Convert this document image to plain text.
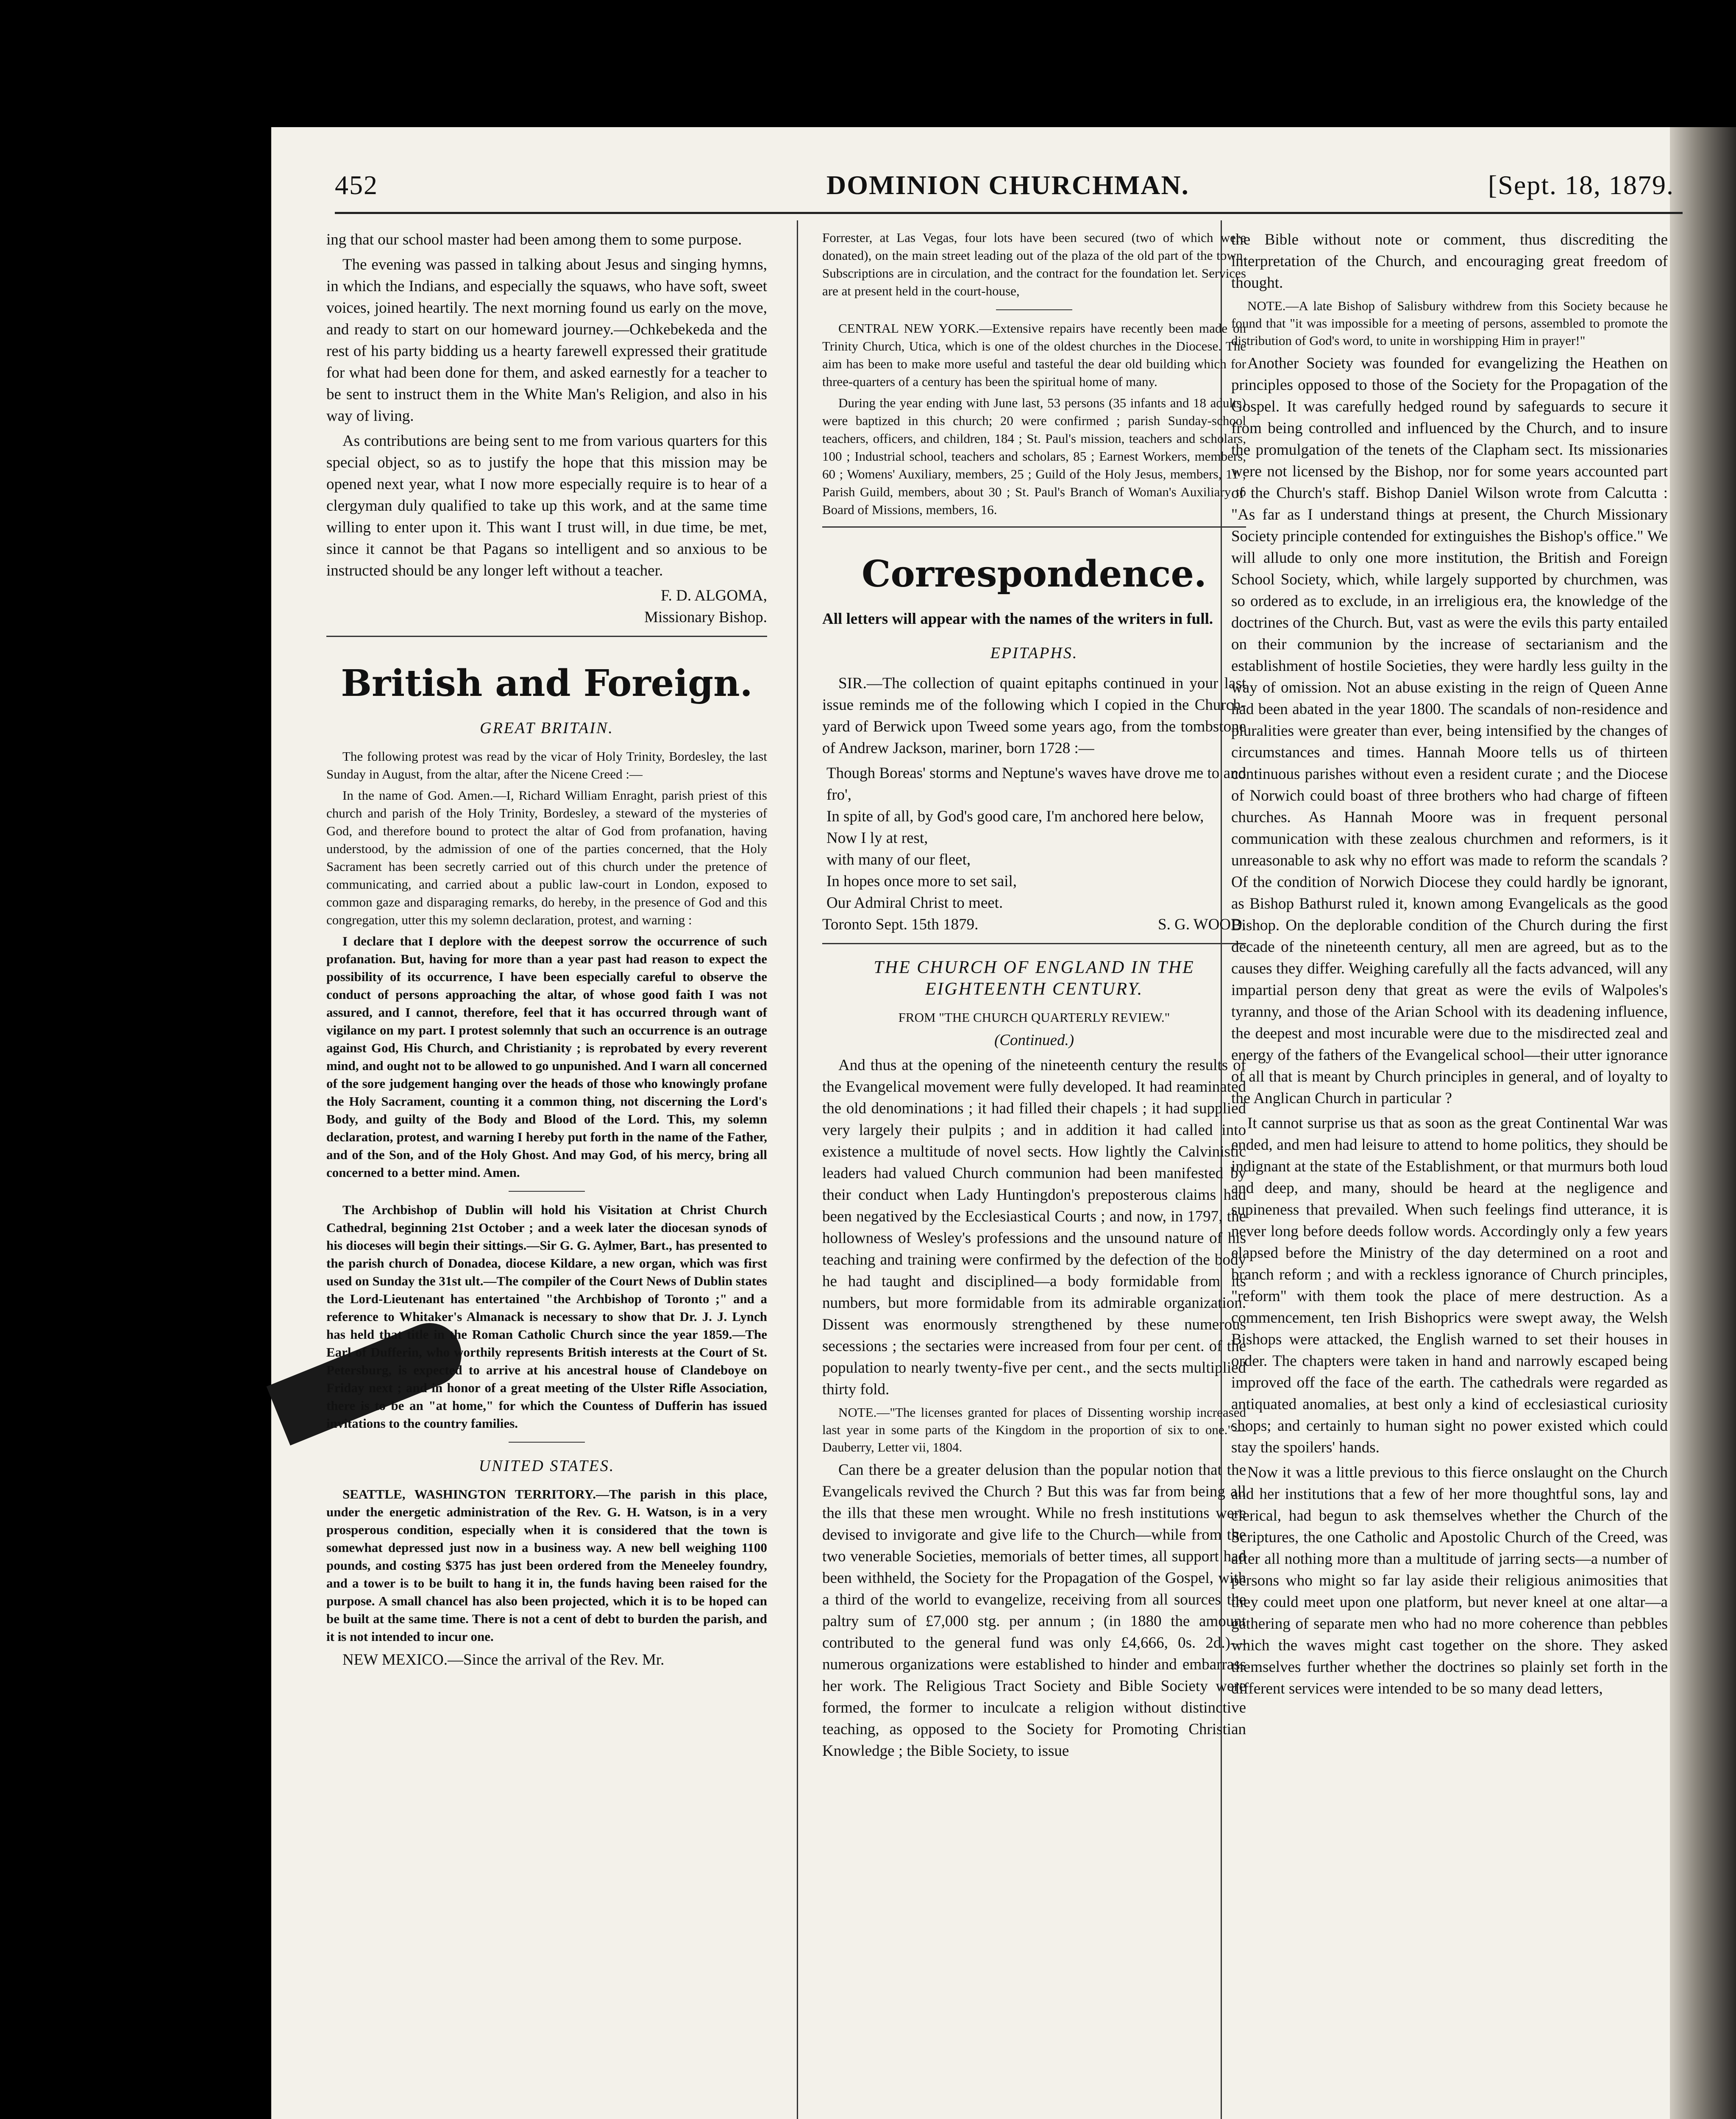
452	DOMINION CHURCHMAN.	[Sept. 18, 1879.

ing that our school master had been among them to some purpose.

The evening was passed in talking about Jesus and singing hymns, in which the Indians, and especially the squaws, who have soft, sweet voices, joined heartily. The next morning found us early on the move, and ready to start on our homeward journey.—Ochkebekeda and the rest of his party bidding us a hearty farewell expressed their gratitude for what had been done for them, and asked earnestly for a teacher to be sent to instruct them in the White Man's Religion, and also in his way of living.

As contributions are being sent to me from various quarters for this special object, so as to justify the hope that this mission may be opened next year, what I now more especially require is to hear of a clergyman duly qualified to take up this work, and at the same time willing to enter upon it. This want I trust will, in due time, be met, since it cannot be that Pagans so intelligent and so anxious to be instructed should be any longer left without a teacher.

F. D. ALGOMA,

Missionary Bishop.

British and Foreign.
GREAT BRITAIN.

The following protest was read by the vicar of Holy Trinity, Bordesley, the last Sunday in August, from the altar, after the Nicene Creed :—

In the name of God. Amen.—I, Richard William Enraght, parish priest of this church and parish of the Holy Trinity, Bordesley, a steward of the mysteries of God, and therefore bound to protect the altar of God from profanation, having understood, by the admission of one of the parties concerned, that the Holy Sacrament has been secretly carried out of this church under the pretence of communicating, and carried about a public law-court in London, exposed to common gaze and disparaging remarks, do hereby, in the presence of God and this congregation, utter this my solemn declaration, protest, and warning :

I declare that I deplore with the deepest sorrow the occurrence of such profanation. But, having for more than a year past had reason to expect the possibility of its occurrence, I have been especially careful to observe the conduct of persons approaching the altar, of whose good faith I was not assured, and I cannot, therefore, feel that it has occurred through want of vigilance on my part. I protest solemnly that such an occurrence is an outrage against God, His Church, and Christianity ; is reprobated by every reverent mind, and ought not to be allowed to go unpunished. And I warn all concerned of the sore judgement hanging over the heads of those who knowingly profane the Holy Sacrament, counting it a common thing, not discerning the Lord's Body, and guilty of the Body and Blood of the Lord. This, my solemn declaration, protest, and warning I hereby put forth in the name of the Father, and of the Son, and of the Holy Ghost. And may God, of his mercy, bring all concerned to a better mind. Amen.

The Archbishop of Dublin will hold his Visitation at Christ Church Cathedral, beginning 21st October ; and a week later the diocesan synods of his dioceses will begin their sittings.—Sir G. G. Aylmer, Bart., has presented to the parish church of Donadea, diocese Kildare, a new organ, which was first used on Sunday the 31st ult.—The compiler of the Court News of Dublin states the Lord-Lieutenant has entertained "the Archbishop of Toronto ;" and a reference to Whitaker's Almanack is necessary to show that Dr. J. J. Lynch has held that title in the Roman Catholic Church since the year 1859.—The Earl of Dufferin, who worthily represents British interests at the Court of St. Petersburg, is expected to arrive at his ancestral house of Clandeboye on Friday next ; and in honor of a great meeting of the Ulster Rifle Association, there is to be an "at home," for which the Countess of Dufferin has issued invitations to the country families.

UNITED STATES.

SEATTLE, WASHINGTON TERRITORY.—The parish in this place, under the energetic administration of the Rev. G. H. Watson, is in a very prosperous condition, especially when it is considered that the town is somewhat depressed just now in a business way. A new bell weighing 1100 pounds, and costing $375 has just been ordered from the Meneeley foundry, and a tower is to be built to hang it in, the funds having been raised for the purpose. A small chancel has also been projected, which it is to be hoped can be built at the same time. There is not a cent of debt to burden the parish, and it is not intended to incur one.

NEW MEXICO.—Since the arrival of the Rev. Mr.

Forrester, at Las Vegas, four lots have been secured (two of which were donated), on the main street leading out of the plaza of the old part of the town. Subscriptions are in circulation, and the contract for the foundation let. Services are at present held in the court-house,

CENTRAL NEW YORK.—Extensive repairs have recently been made on Trinity Church, Utica, which is one of the oldest churches in the Diocese. The aim has been to make more useful and tasteful the dear old building which for three-quarters of a century has been the spiritual home of many.

During the year ending with June last, 53 persons (35 infants and 18 adults) were baptized in this church; 20 were confirmed ; parish Sunday-school teachers, officers, and children, 184 ; St. Paul's mission, teachers and scholars, 100 ; Industrial school, teachers and scholars, 85 ; Earnest Workers, members, 60 ; Womens' Auxiliary, members, 25 ; Guild of the Holy Jesus, members, 11 ; Parish Guild, members, about 30 ; St. Paul's Branch of Woman's Auxiliary to Board of Missions, members, 16.

Correspondence.

All letters will appear with the names of the writers in full.

EPITAPHS.

SIR.—The collection of quaint epitaphs continued in your last issue reminds me of the following which I copied in the Church-yard of Berwick upon Tweed some years ago, from the tombstone of Andrew Jackson, mariner, born 1728 :—

Though Boreas' storms and Neptune's waves have drove me to and fro',

In spite of all, by God's good care, I'm anchored here below,

Now I ly at rest,

with many of our fleet,

In hopes once more to set sail,

Our Admiral Christ to meet.

Toronto Sept. 15th 1879.	S. G. WOOD.

THE CHURCH OF ENGLAND IN THE EIGHTEENTH CENTURY.

FROM "THE CHURCH QUARTERLY REVIEW."

(Continued.)

And thus at the opening of the nineteenth century the results of the Evangelical movement were fully developed. It had reaminated the old denominations ; it had filled their chapels ; it had supplied very largely their pulpits ; and in addition it had called into existence a multitude of novel sects. How lightly the Calvinistic leaders had valued Church communion had been manifested by their conduct when Lady Huntingdon's preposterous claims had been negatived by the Ecclesiastical Courts ; and now, in 1797, the hollowness of Wesley's professions and the unsound nature of his teaching and training were confirmed by the defection of the body he had taught and disciplined—a body formidable from its numbers, but more formidable from its admirable organization. Dissent was enormously strengthened by these numerous secessions ; the sectaries were increased from four per cent. of the population to nearly twenty-five per cent., and the sects multiplied thirty fold.

NOTE.—"The licenses granted for places of Dissenting worship increased last year in some parts of the Kingdom in the proportion of six to one."—Dauberry, Letter vii, 1804.

Can there be a greater delusion than the popular notion that the Evangelicals revived the Church ? But this was far from being all the ills that these men wrought. While no fresh institutions were devised to invigorate and give life to the Church—while from the two venerable Societies, memorials of better times, all support had been withheld, the Society for the Propagation of the Gospel, with a third of the world to evangelize, receiving from all sources the paltry sum of £7,000 stg. per annum ; (in 1880 the amount contributed to the general fund was only £4,666, 0s. 2d.)—numerous organizations were established to hinder and embarrass her work. The Religious Tract Society and Bible Society were formed, the former to inculcate a religion without distinctive teaching, as opposed to the Society for Promoting Christian Knowledge ; the Bible Society, to issue

the Bible without note or comment, thus discrediting the interpretation of the Church, and encouraging great freedom of thought.

NOTE.—A late Bishop of Salisbury withdrew from this Society because he found that "it was impossible for a meeting of persons, assembled to promote the distribution of God's word, to unite in worshipping Him in prayer!"

Another Society was founded for evangelizing the Heathen on principles opposed to those of the Society for the Propagation of the Gospel. It was carefully hedged round by safeguards to secure it from being controlled and influenced by the Church, and to insure the promulgation of the tenets of the Clapham sect. Its missionaries were not licensed by the Bishop, nor for some years accounted part of the Church's staff. Bishop Daniel Wilson wrote from Calcutta : "As far as I understand things at present, the Church Missionary Society principle contended for extinguishes the Bishop's office." We will allude to only one more institution, the British and Foreign School Society, which, while largely supported by churchmen, was so ordered as to exclude, in an irreligious era, the knowledge of the doctrines of the Church. But, vast as were the evils this party entailed on their communion by the increase of sectarianism and the establishment of hostile Societies, they were hardly less guilty in the way of omission. Not an abuse existing in the reign of Queen Anne had been abated in the year 1800. The scandals of non-residence and pluralities were greater than ever, being intensified by the changes of circumstances and times. Hannah Moore tells us of thirteen continuous parishes without even a resident curate ; and the Diocese of Norwich could boast of three brothers who had charge of fifteen churches. As Hannah Moore was in frequent personal communication with these zealous churchmen and reformers, is it unreasonable to ask why no effort was made to reform the scandals ? Of the condition of Norwich Diocese they could hardly be ignorant, as Bishop Bathurst ruled it, known among Evangelicals as the good Bishop. On the deplorable condition of the Church during the first decade of the nineteenth century, all men are agreed, but as to the causes they differ. Weighing carefully all the facts advanced, will any impartial person deny that great as were the evils of Walpoles's tyranny, and those of the Arian School with its deadening influence, the deepest and most incurable were due to the misdirected zeal and energy of the fathers of the Evangelical school—their utter ignorance of all that is meant by Church principles in general, and of loyalty to the Anglican Church in particular ?

It cannot surprise us that as soon as the great Continental War was ended, and men had leisure to attend to home politics, they should be indignant at the state of the Establishment, or that murmurs both loud and deep, and many, should be heard at the negligence and supineness that prevailed. When such feelings find utterance, it is never long before deeds follow words. Accordingly only a few years elapsed before the Ministry of the day determined on a root and branch reform ; and with a reckless ignorance of Church principles, "reform" with them took the place of mere destruction. As a commencement, ten Irish Bishoprics were swept away, the Welsh Bishops were attacked, the English warned to set their houses in order. The chapters were taken in hand and narrowly escaped being improved off the face of the earth. The cathedrals were regarded as antiquated anomalies, at best only a kind of ecclesiastical curiosity shops; and certainly to human sight no power existed which could stay the spoilers' hands.

Now it was a little previous to this fierce onslaught on the Church and her institutions that a few of her more thoughtful sons, lay and clerical, had begun to ask themselves whether the Church of the Scriptures, the one Catholic and Apostolic Church of the Creed, was after all nothing more than a multitude of jarring sects—a number of persons who might so far lay aside their religious animosities that they could meet upon one platform, but never kneel at one altar—a gathering of separate men who had no more coherence than pebbles which the waves might cast together on the shore. They asked themselves further whether the doctrines so plainly set forth in the different services were intended to be so many dead letters,
